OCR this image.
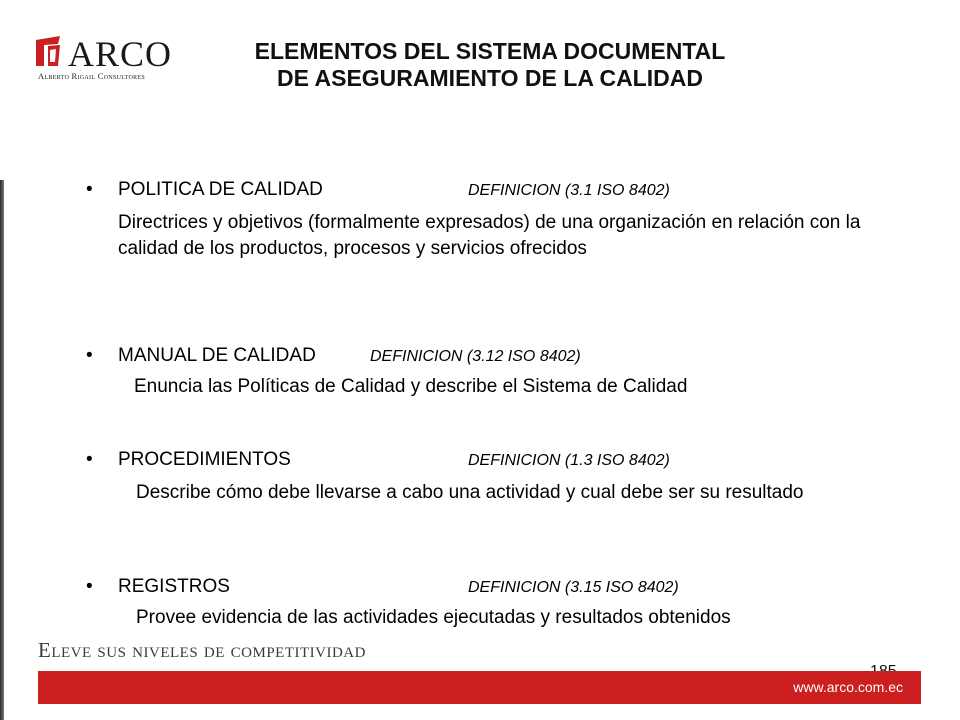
ARCO
Alberto Rigail Consultores
ELEMENTOS DEL SISTEMA DOCUMENTAL
DE ASEGURAMIENTO DE LA CALIDAD
• POLITICA DE CALIDAD	DEFINICION (3.1 ISO 8402)
Directrices y objetivos (formalmente expresados) de una organización en relación con la calidad de los productos, procesos y servicios ofrecidos
• MANUAL DE CALIDAD	DEFINICION (3.12 ISO 8402)
Enuncia las Políticas de Calidad y describe el Sistema de Calidad
• PROCEDIMIENTOS	DEFINICION (1.3 ISO 8402)
Describe cómo debe llevarse a cabo una actividad y cual debe ser su resultado
• REGISTROS	DEFINICION (3.15 ISO 8402)
Provee evidencia de las actividades ejecutadas y resultados obtenidos
Eleve sus niveles de competitividad
www.arco.com.ec
